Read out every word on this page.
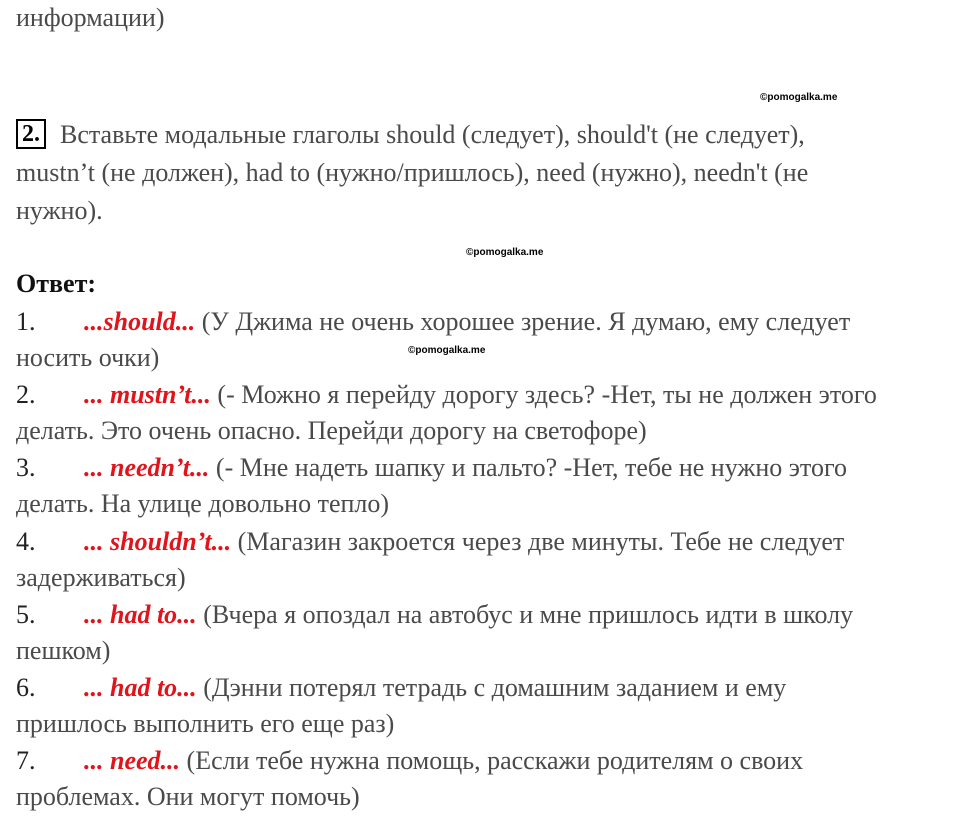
информации)
©pomogalka.me
2. Вставьте модальные глаголы should (следует), should't (не следует),
mustn’t (не должен), had to (нужно/пришлось), need (нужно), needn't (не
нужно).
©pomogalka.me
Ответ:
1. ...should... (У Джима не очень хорошее зрение. Я думаю, ему следует
носить очки)	©pomogalka.me
2. ... mustn’t... (- Можно я перейду дорогу здесь? -Нет, ты не должен этого
делать. Это очень опасно. Перейди дорогу на светофоре)
3. ... needn’t... (- Мне надеть шапку и пальто? -Нет, тебе не нужно этого
делать. На улице довольно тепло)
4. ... shouldn’t... (Магазин закроется через две минуты. Тебе не следует
задерживаться)
5. ... had to... (Вчера я опоздал на автобус и мне пришлось идти в школу
пешком)
6. ... had to... (Дэнни потерял тетрадь с домашним заданием и ему
пришлось выполнить его еще раз)
7. ... need... (Если тебе нужна помощь, расскажи родителям о своих
проблемах. Они могут помочь)
